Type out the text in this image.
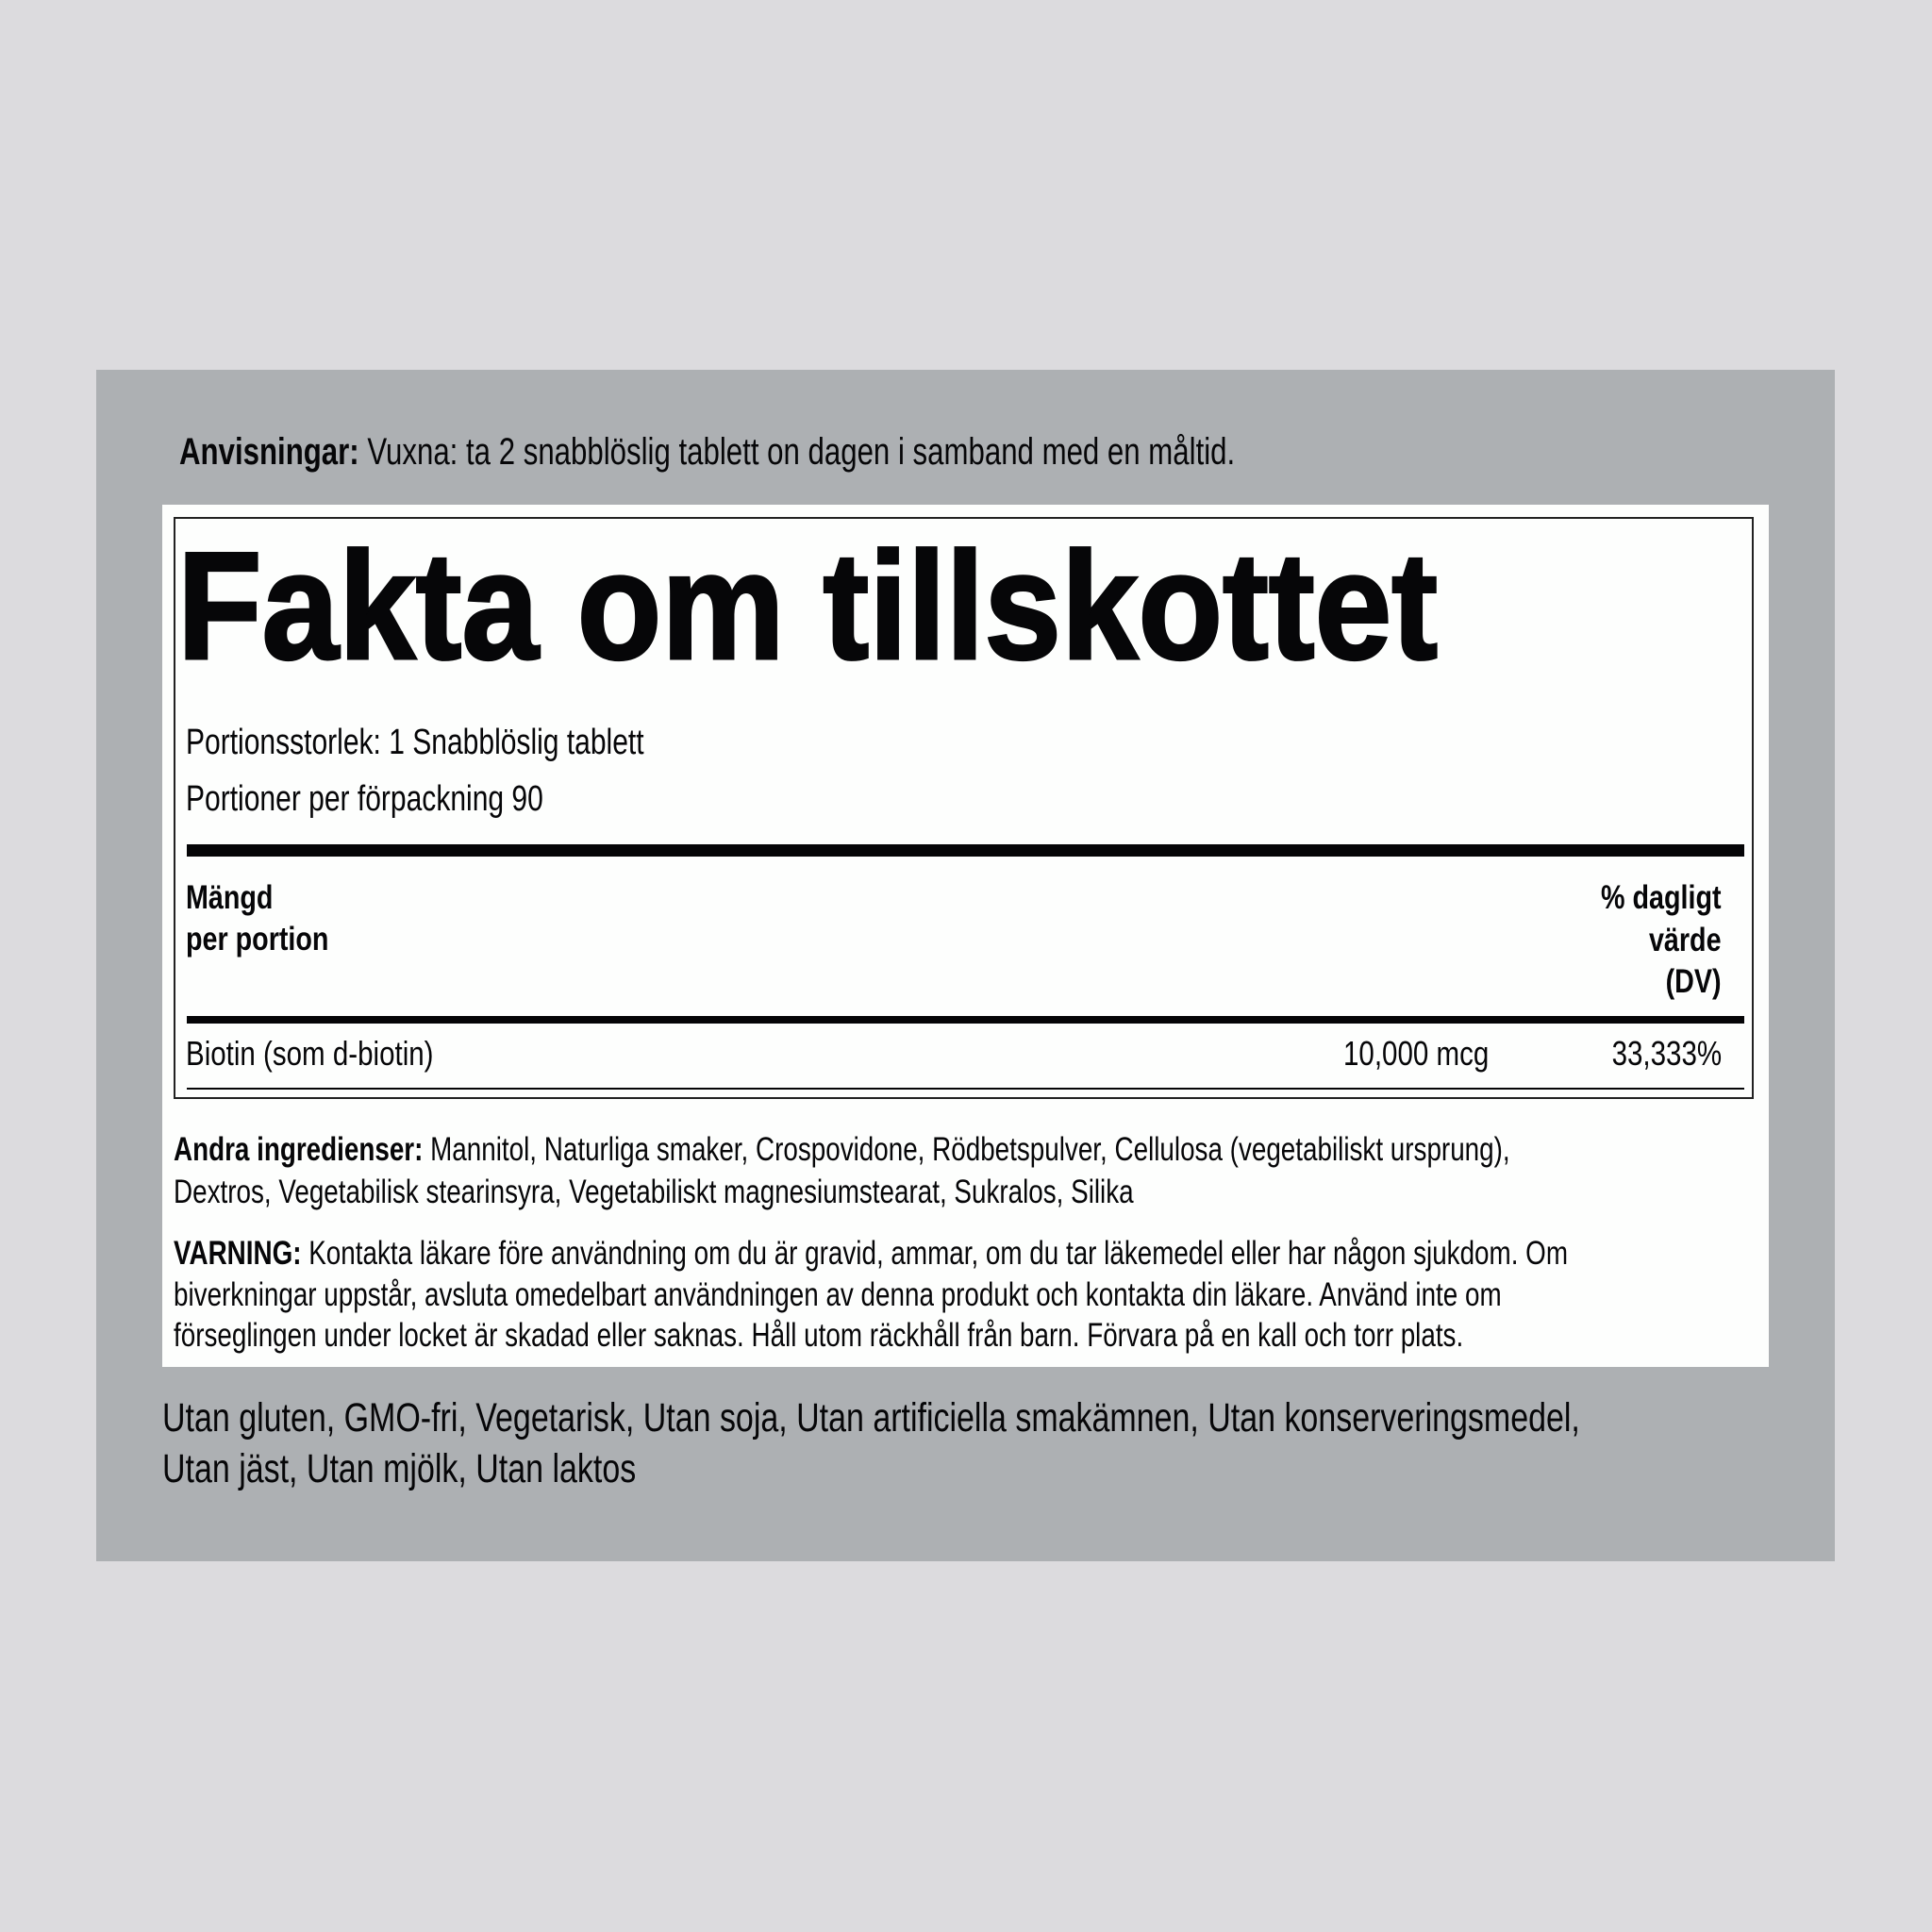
Anvisningar: Vuxna: ta 2 snabblöslig tablett on dagen i samband med en måltid.
Fakta om tillskottet
Portionsstorlek: 1 Snabblöslig tablett
Portioner per förpackning 90
Mängd
per portion
% dagligt
värde
(DV)
Biotin (som d-biotin)	10,000 mcg	33,333%
Andra ingredienser: Mannitol, Naturliga smaker, Crospovidone, Rödbetspulver, Cellulosa (vegetabiliskt ursprung),
Dextros, Vegetabilisk stearinsyra, Vegetabiliskt magnesiumstearat, Sukralos, Silika
VARNING: Kontakta läkare före användning om du är gravid, ammar, om du tar läkemedel eller har någon sjukdom. Om
biverkningar uppstår, avsluta omedelbart användningen av denna produkt och kontakta din läkare. Använd inte om
förseglingen under locket är skadad eller saknas. Håll utom räckhåll från barn. Förvara på en kall och torr plats.
Utan gluten, GMO-fri, Vegetarisk, Utan soja, Utan artificiella smakämnen, Utan konserveringsmedel,
Utan jäst, Utan mjölk, Utan laktos
